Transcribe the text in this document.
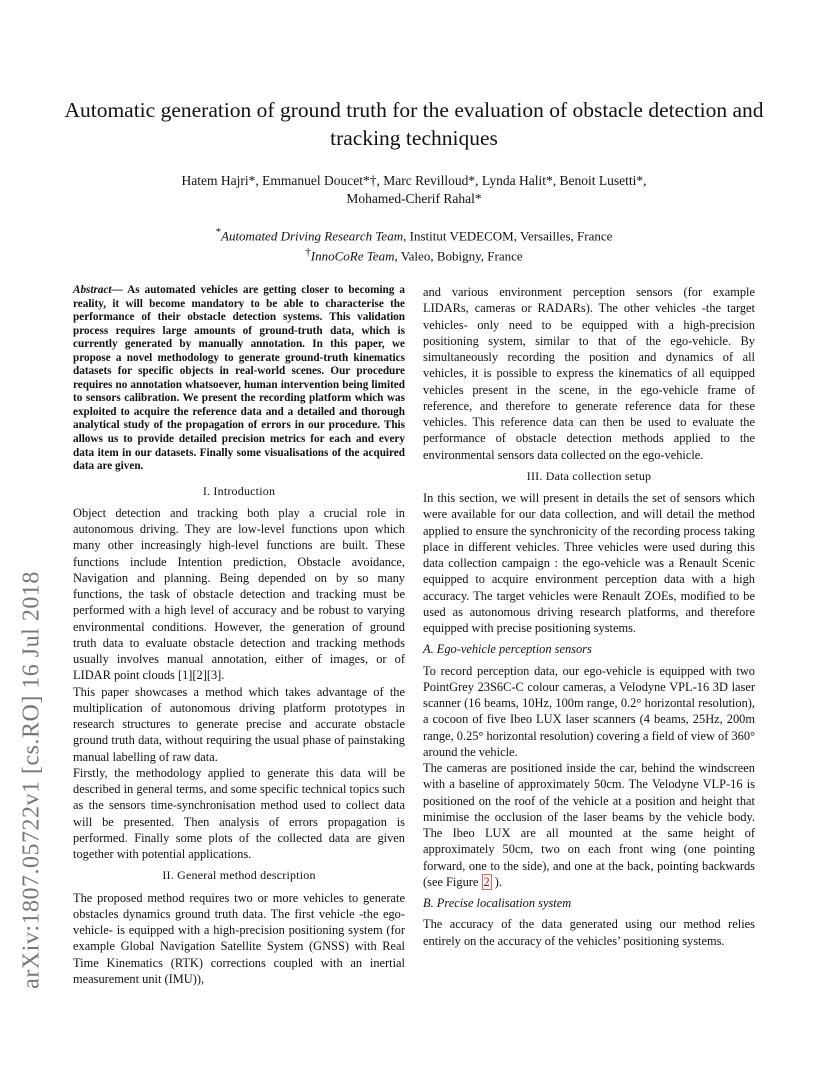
arXiv:1807.05722v1 [cs.RO] 16 Jul 2018
Automatic generation of ground truth for the evaluation of obstacle detection and tracking techniques
Hatem Hajri*, Emmanuel Doucet*†, Marc Revilloud*, Lynda Halit*, Benoit Lusetti*,
Mohamed-Cherif Rahal*
*Automated Driving Research Team, Institut VEDECOM, Versailles, France
†InnoCoRe Team, Valeo, Bobigny, France

Abstract— As automated vehicles are getting closer to becoming a reality, it will become mandatory to be able to characterise the performance of their obstacle detection systems. This validation process requires large amounts of ground-truth data, which is currently generated by manually annotation. In this paper, we propose a novel methodology to generate ground-truth kinematics datasets for specific objects in real-world scenes. Our procedure requires no annotation whatsoever, human intervention being limited to sensors calibration. We present the recording platform which was exploited to acquire the reference data and a detailed and thorough analytical study of the propagation of errors in our procedure. This allows us to provide detailed precision metrics for each and every data item in our datasets. Finally some visualisations of the acquired data are given.

I. Introduction

Object detection and tracking both play a crucial role in autonomous driving. They are low-level functions upon which many other increasingly high-level functions are built. These functions include Intention prediction, Obstacle avoidance, Navigation and planning. Being depended on by so many functions, the task of obstacle detection and tracking must be performed with a high level of accuracy and be robust to varying environmental conditions. However, the generation of ground truth data to evaluate obstacle detection and tracking methods usually involves manual annotation, either of images, or of LIDAR point clouds [1][2][3].

This paper showcases a method which takes advantage of the multiplication of autonomous driving platform prototypes in research structures to generate precise and accurate obstacle ground truth data, without requiring the usual phase of painstaking manual labelling of raw data.

Firstly, the methodology applied to generate this data will be described in general terms, and some specific technical topics such as the sensors time-synchronisation method used to collect data will be presented. Then analysis of errors propagation is performed. Finally some plots of the collected data are given together with potential applications.

II. General method description

The proposed method requires two or more vehicles to generate obstacles dynamics ground truth data. The first vehicle -the ego-vehicle- is equipped with a high-precision positioning system (for example Global Navigation Satellite System (GNSS) with Real Time Kinematics (RTK) corrections coupled with an inertial measurement unit (IMU)),

and various environment perception sensors (for example LIDARs, cameras or RADARs). The other vehicles -the target vehicles- only need to be equipped with a high-precision positioning system, similar to that of the ego-vehicle. By simultaneously recording the position and dynamics of all vehicles, it is possible to express the kinematics of all equipped vehicles present in the scene, in the ego-vehicle frame of reference, and therefore to generate reference data for these vehicles. This reference data can then be used to evaluate the performance of obstacle detection methods applied to the environmental sensors data collected on the ego-vehicle.

III. Data collection setup

In this section, we will present in details the set of sensors which were available for our data collection, and will detail the method applied to ensure the synchronicity of the recording process taking place in different vehicles. Three vehicles were used during this data collection campaign : the ego-vehicle was a Renault Scenic equipped to acquire environment perception data with a high accuracy. The target vehicles were Renault ZOEs, modified to be used as autonomous driving research platforms, and therefore equipped with precise positioning systems.

A. Ego-vehicle perception sensors

To record perception data, our ego-vehicle is equipped with two PointGrey 23S6C-C colour cameras, a Velodyne VPL-16 3D laser scanner (16 beams, 10Hz, 100m range, 0.2° horizontal resolution), a cocoon of five Ibeo LUX laser scanners (4 beams, 25Hz, 200m range, 0.25° horizontal resolution) covering a field of view of 360° around the vehicle.

The cameras are positioned inside the car, behind the windscreen with a baseline of approximately 50cm. The Velodyne VLP-16 is positioned on the roof of the vehicle at a position and height that minimise the occlusion of the laser beams by the vehicle body. The Ibeo LUX are all mounted at the same height of approximately 50cm, two on each front wing (one pointing forward, one to the side), and one at the back, pointing backwards (see Figure 2 ).

B. Precise localisation system

The accuracy of the data generated using our method relies entirely on the accuracy of the vehicles’ positioning systems.
